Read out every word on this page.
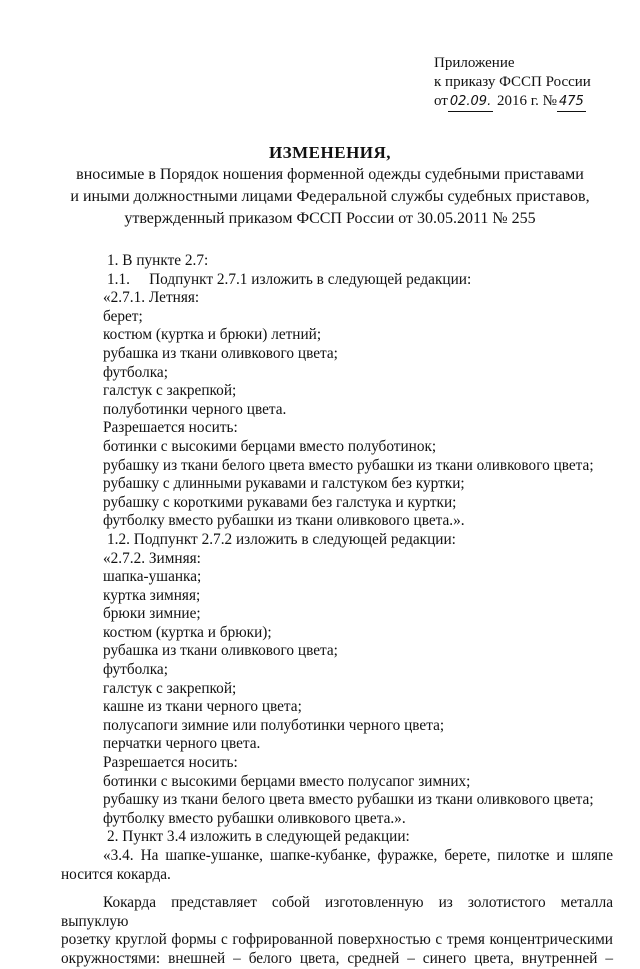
Приложение
к приказу ФССП России
от 02.09. 2016 г. № 475
ИЗМЕНЕНИЯ,
вносимые в Порядок ношения форменной одежды судебными приставами
и иными должностными лицами Федеральной службы судебных приставов,
утвержденный приказом ФССП России от 30.05.2011 № 255
1. В пункте 2.7:
1.1.     Подпункт 2.7.1 изложить в следующей редакции:
«2.7.1. Летняя:
берет;
костюм (куртка и брюки) летний;
рубашка из ткани оливкового цвета;
футболка;
галстук с закрепкой;
полуботинки черного цвета.
Разрешается носить:
ботинки с высокими берцами вместо полуботинок;
рубашку из ткани белого цвета вместо рубашки из ткани оливкового цвета;
рубашку с длинными рукавами и галстуком без куртки;
рубашку с короткими рукавами без галстука и куртки;
футболку вместо рубашки из ткани оливкового цвета.».
1.2. Подпункт 2.7.2 изложить в следующей редакции:
«2.7.2. Зимняя:
шапка-ушанка;
куртка зимняя;
брюки зимние;
костюм (куртка и брюки);
рубашка из ткани оливкового цвета;
футболка;
галстук с закрепкой;
кашне из ткани черного цвета;
полусапоги зимние или полуботинки черного цвета;
перчатки черного цвета.
Разрешается носить:
ботинки с высокими берцами вместо полусапог зимних;
рубашку из ткани белого цвета вместо рубашки из ткани оливкового цвета;
футболку вместо рубашки оливкового цвета.».
2. Пункт 3.4 изложить в следующей редакции:
«3.4. На шапке-ушанке, шапке-кубанке, фуражке, берете, пилотке и шляпе
носится кокарда.
Кокарда представляет собой изготовленную из золотистого металла выпуклую
розетку круглой формы с гофрированной поверхностью с тремя концентрическими
окружностями: внешней – белого цвета, средней – синего цвета, внутренней –
